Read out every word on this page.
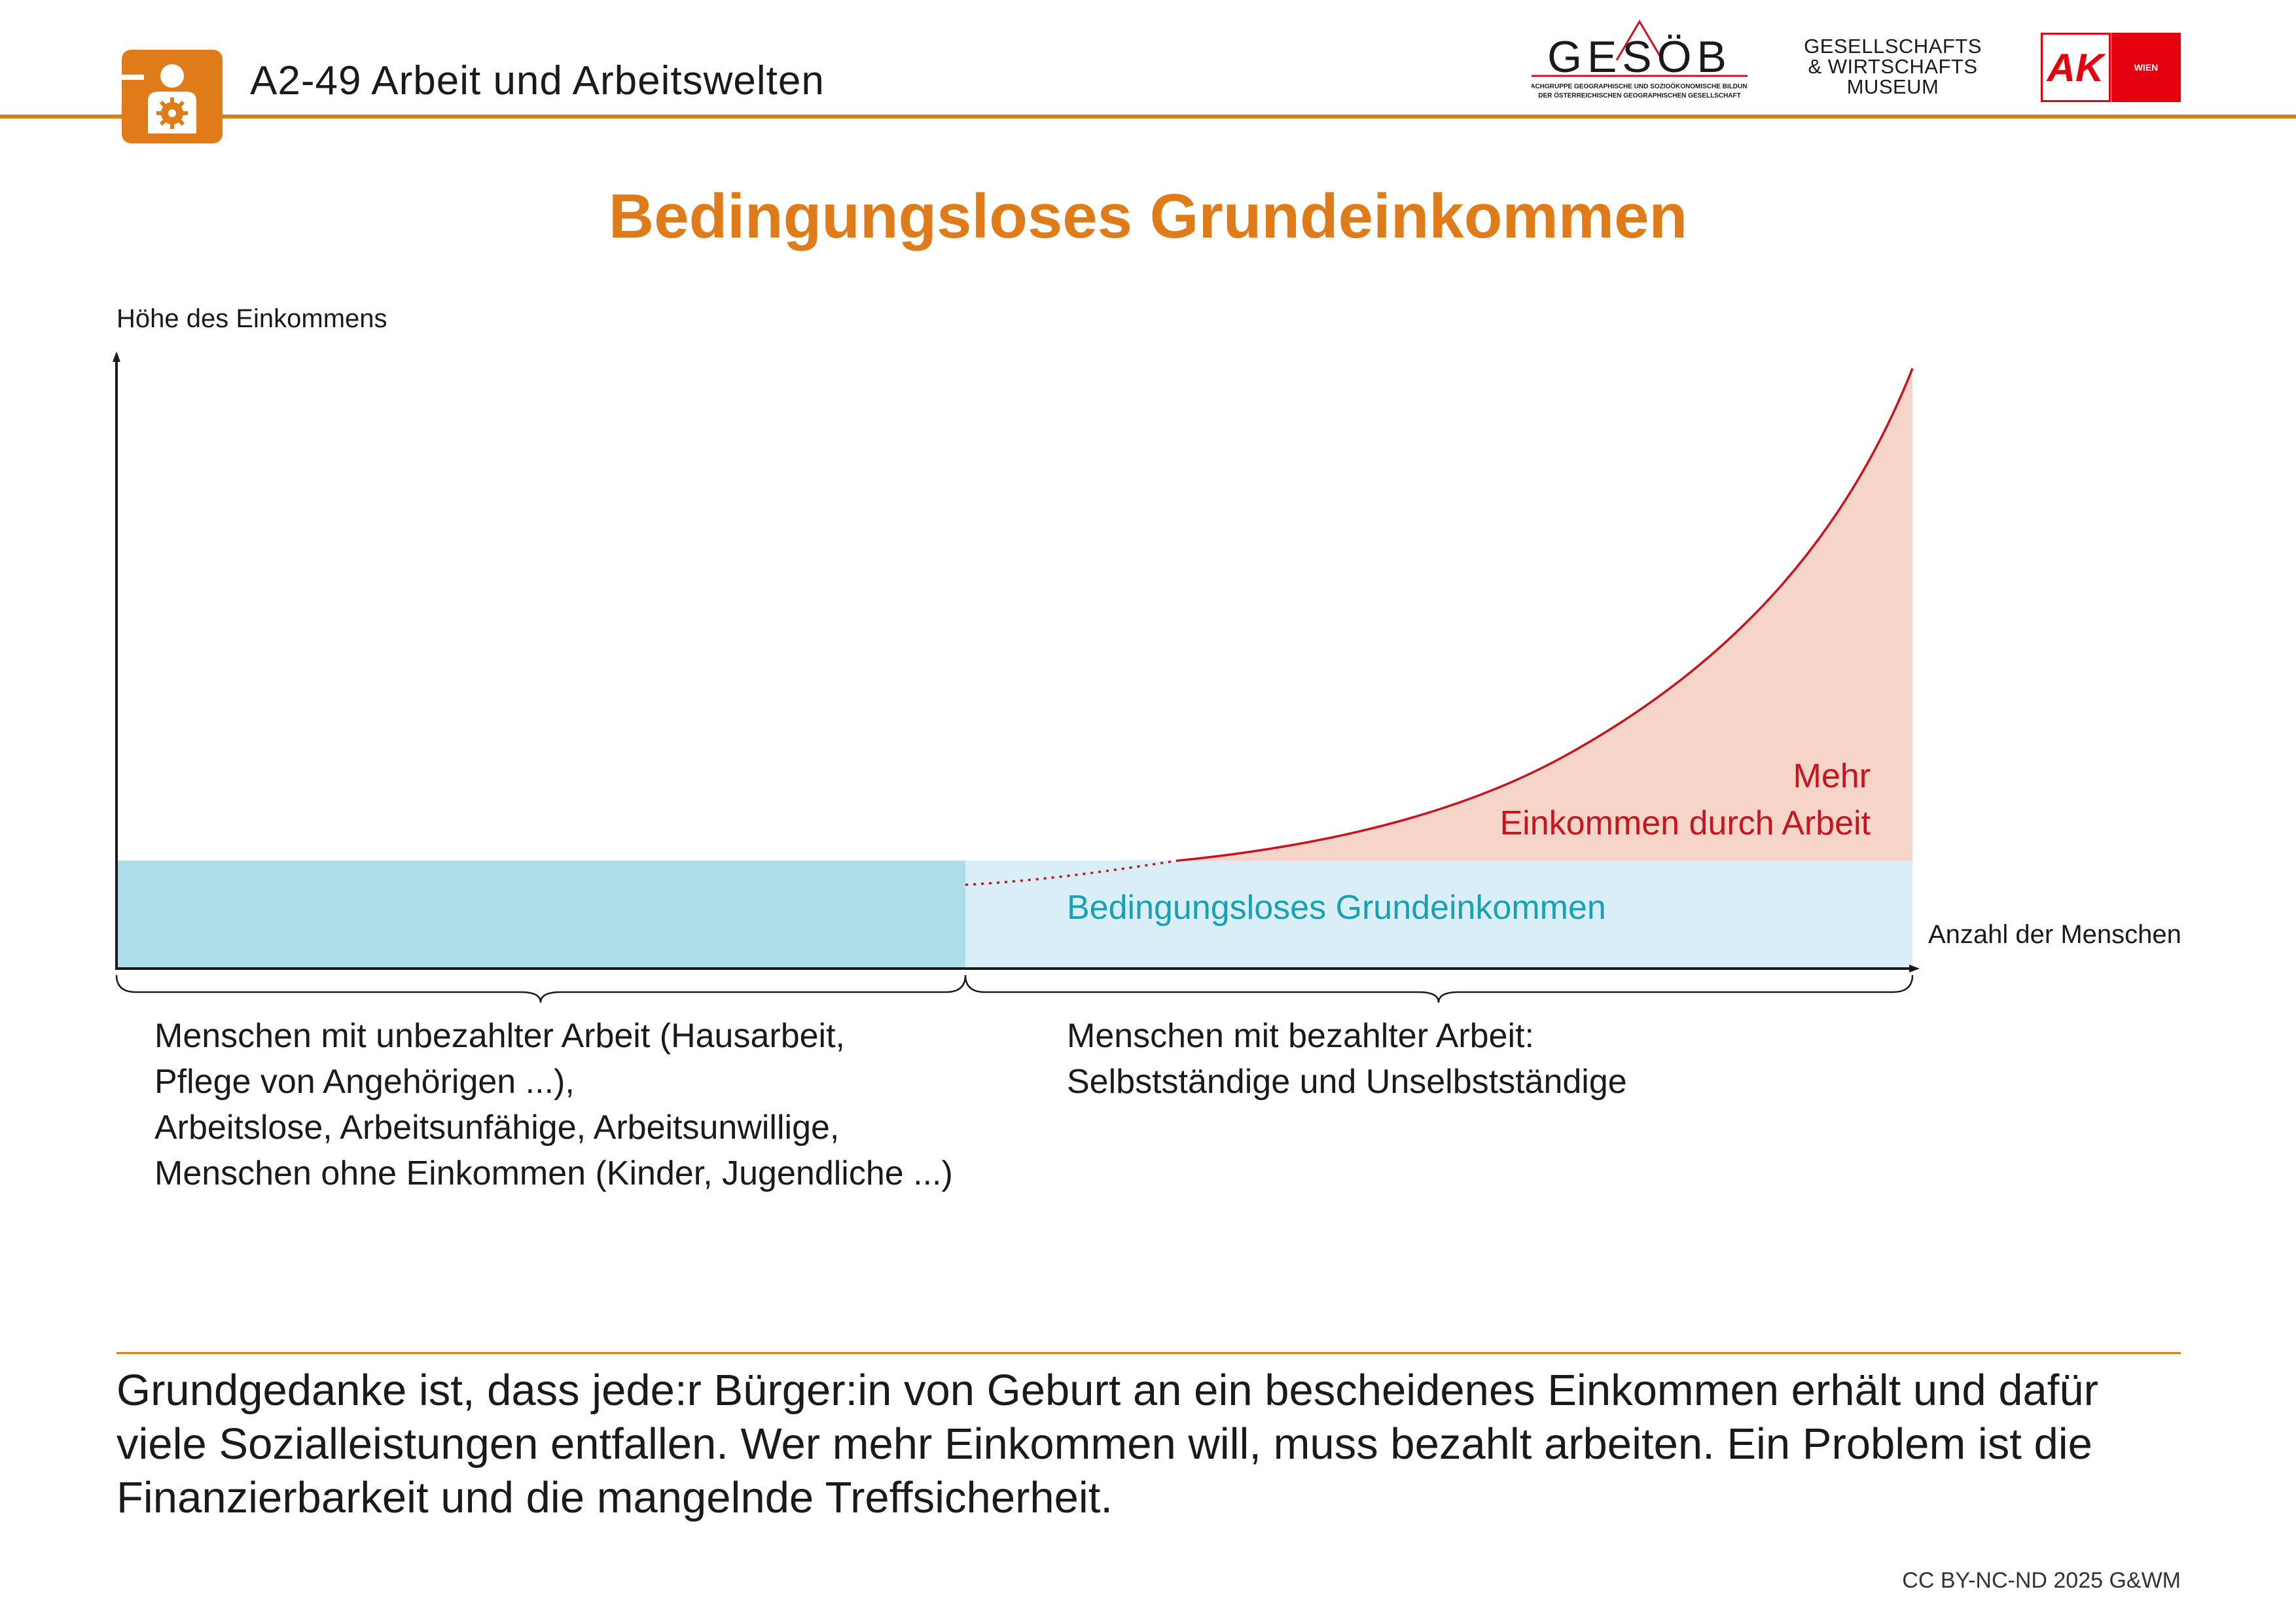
A2-49 Arbeit und Arbeitswelten	GESÖB
FACHGRUPPE GEOGRAPHISCHE UND SOZIOÖKONOMISCHE BILDUNG
DER ÖSTERREICHISCHEN GEOGRAPHISCHEN GESELLSCHAFT
GESELLSCHAFTS
& WIRTSCHAFTS
MUSEUM	AK	WIEN
Bedingungsloses Grundeinkommen
Höhe des Einkommens
Anzahl der Menschen
Mehr
Einkommen durch Arbeit
Bedingungsloses Grundeinkommen
Menschen mit unbezahlter Arbeit (Hausarbeit,
Pflege von Angehörigen ...),
Arbeitslose, Arbeitsunfähige, Arbeitsunwillige,
Menschen ohne Einkommen (Kinder, Jugendliche ...)
Menschen mit bezahlter Arbeit:
Selbstständige und Unselbstständige
Grundgedanke ist, dass jede:r Bürger:in von Geburt an ein bescheidenes Einkommen erhält und dafür viele Sozialleistungen entfallen. Wer mehr Einkommen will, muss bezahlt arbeiten. Ein Problem ist die Finanzierbarkeit und die mangelnde Treffsicherheit.
CC BY-NC-ND 2025 G&WM
